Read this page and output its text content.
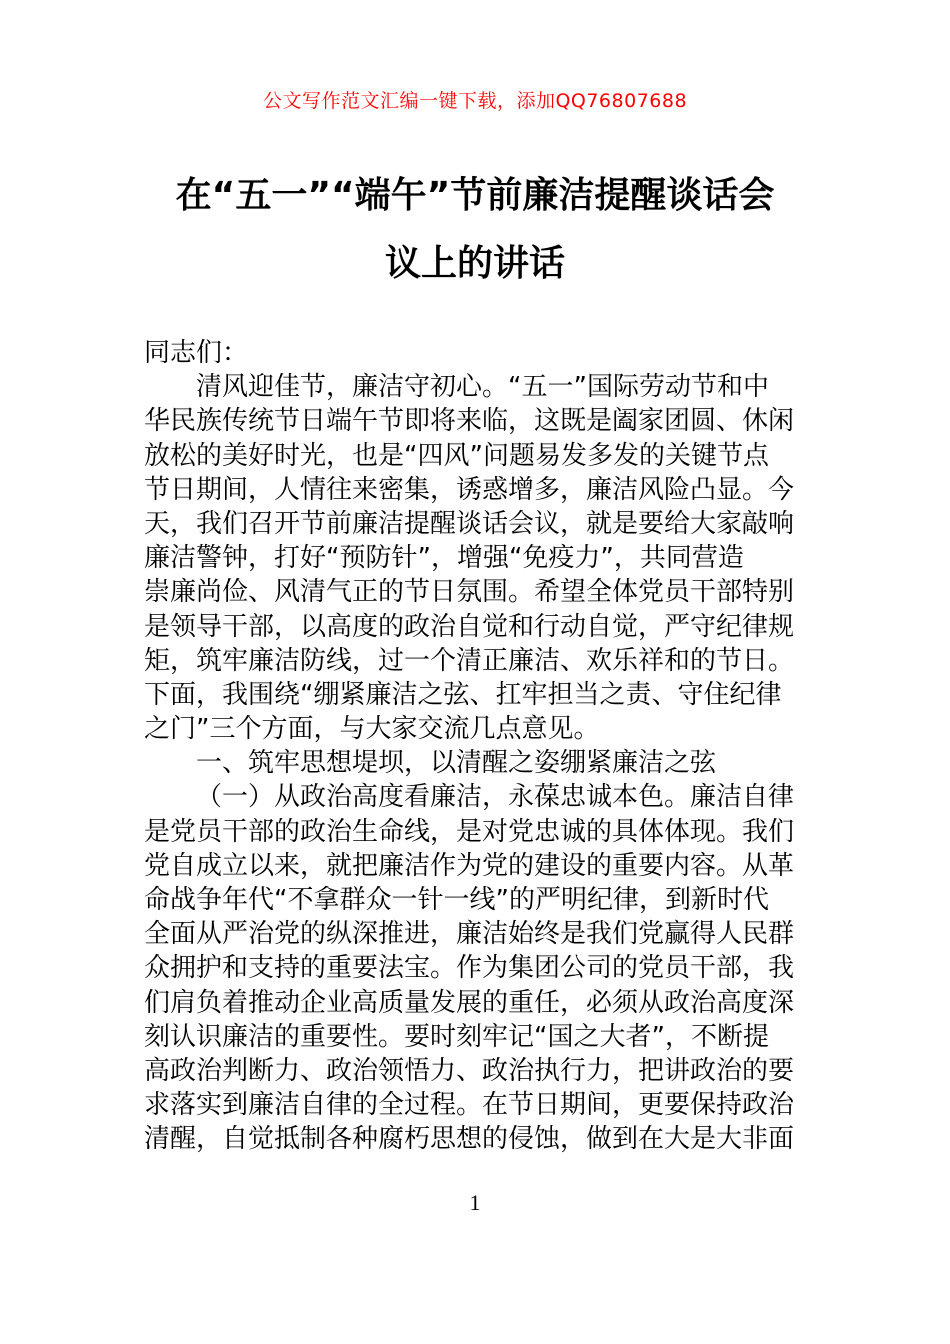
公文写作范文汇编一键下载，添加QQ76807688
在“五一”“端午”节前廉洁提醒谈话会
议上的讲话
同志们：
清风迎佳节，廉洁守初心。“五一”国际劳动节和中
华民族传统节日端午节即将来临，这既是阖家团圆、休闲
放松的美好时光，也是“四风”问题易发多发的关键节点
节日期间，人情往来密集，诱惑增多，廉洁风险凸显。今
天，我们召开节前廉洁提醒谈话会议，就是要给大家敲响
廉洁警钟，打好“预防针”，增强“免疫力”，共同营造
崇廉尚俭、风清气正的节日氛围。希望全体党员干部特别
是领导干部，以高度的政治自觉和行动自觉，严守纪律规
矩，筑牢廉洁防线，过一个清正廉洁、欢乐祥和的节日。
下面，我围绕“绷紧廉洁之弦、扛牢担当之责、守住纪律
之门”三个方面，与大家交流几点意见。
一、筑牢思想堤坝，以清醒之姿绷紧廉洁之弦
（一）从政治高度看廉洁，永葆忠诚本色。廉洁自律
是党员干部的政治生命线，是对党忠诚的具体体现。我们
党自成立以来，就把廉洁作为党的建设的重要内容。从革
命战争年代“不拿群众一针一线”的严明纪律，到新时代
全面从严治党的纵深推进，廉洁始终是我们党赢得人民群
众拥护和支持的重要法宝。作为集团公司的党员干部，我
们肩负着推动企业高质量发展的重任，必须从政治高度深
刻认识廉洁的重要性。要时刻牢记“国之大者”，不断提
高政治判断力、政治领悟力、政治执行力，把讲政治的要
求落实到廉洁自律的全过程。在节日期间，更要保持政治
清醒，自觉抵制各种腐朽思想的侵蚀，做到在大是大非面
1
